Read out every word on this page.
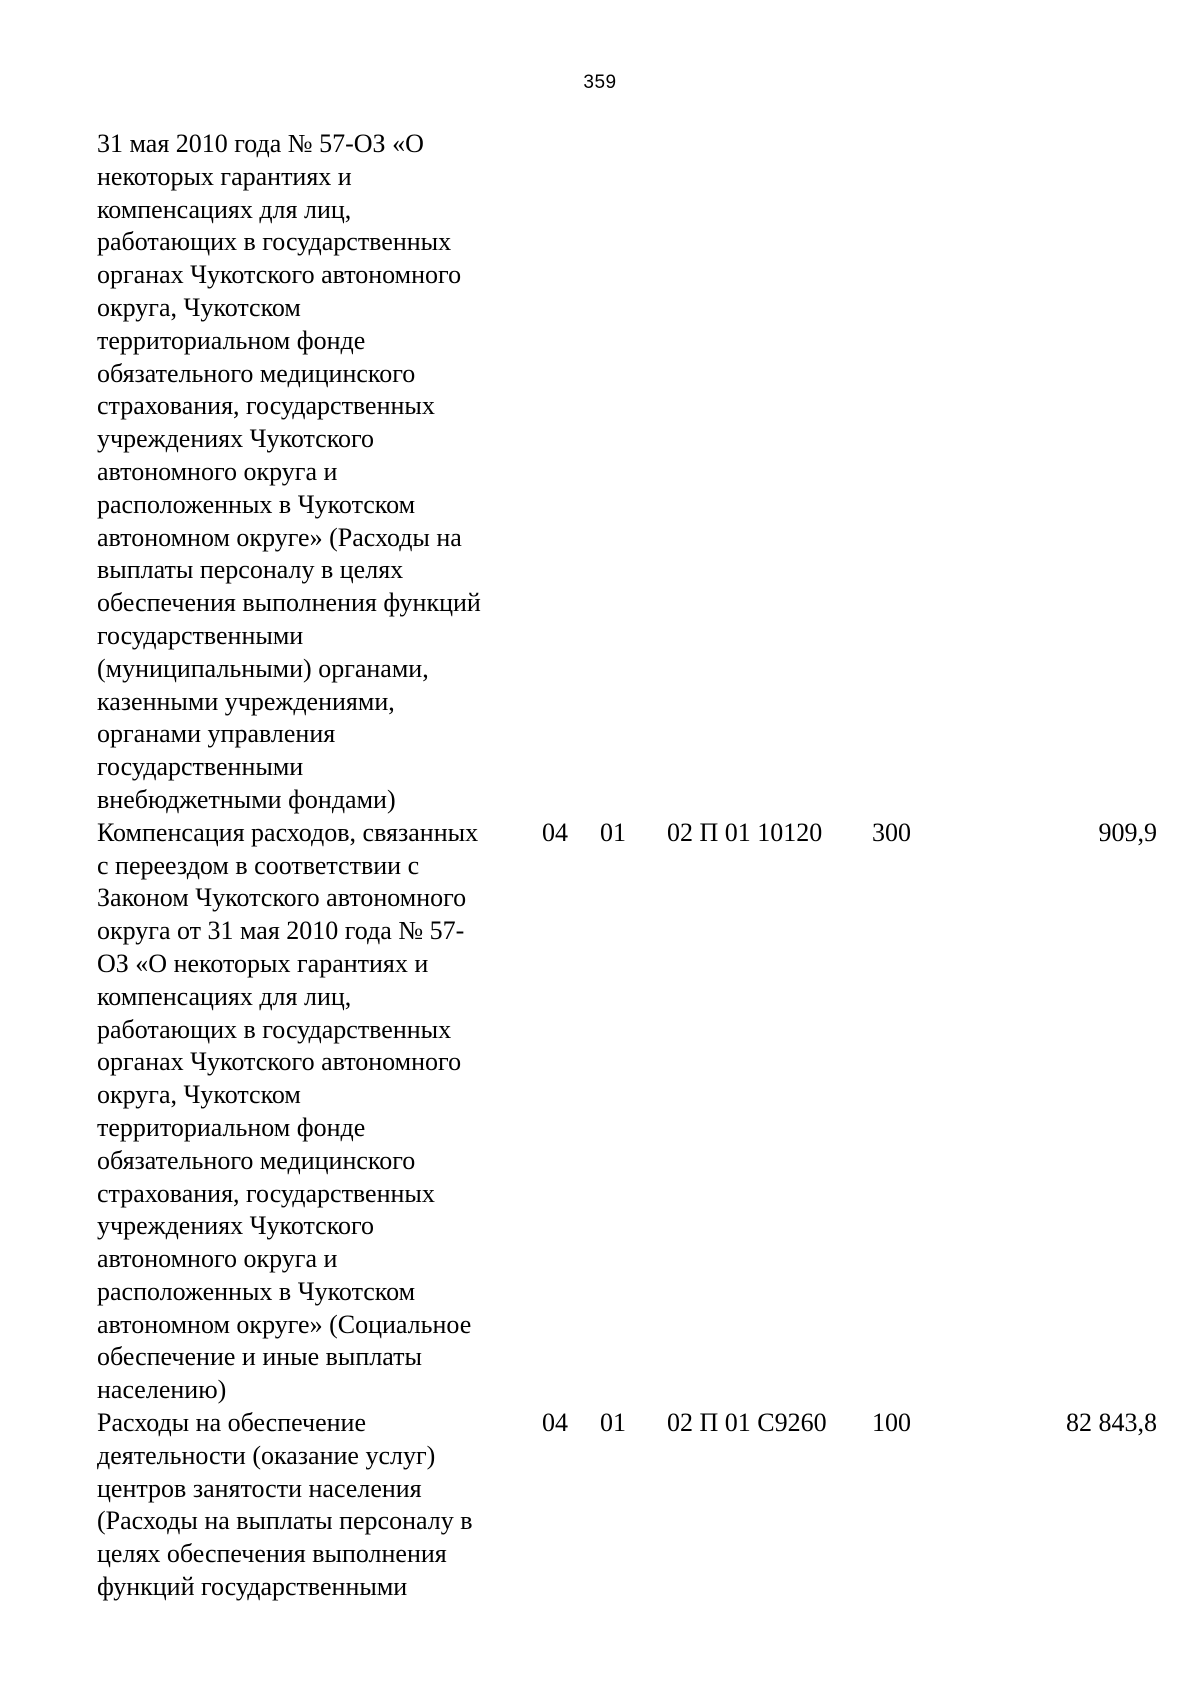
359
31 мая 2010 года № 57-ОЗ «О
некоторых гарантиях и
компенсациях для лиц,
работающих в государственных
органах Чукотского автономного
округа, Чукотском
территориальном фонде
обязательного медицинского
страхования, государственных
учреждениях Чукотского
автономного округа и
расположенных в Чукотском
автономном округе» (Расходы на
выплаты персоналу в целях
обеспечения выполнения функций
государственными
(муниципальными) органами,
казенными учреждениями,
органами управления
государственными
внебюджетными фондами)
Компенсация расходов, связанных
с переездом в соответствии с
Законом Чукотского автономного
округа от 31 мая 2010 года № 57-
ОЗ «О некоторых гарантиях и
компенсациях для лиц,
работающих в государственных
органах Чукотского автономного
округа, Чукотском
территориальном фонде
обязательного медицинского
страхования, государственных
учреждениях Чукотского
автономного округа и
расположенных в Чукотском
автономном округе» (Социальное
обеспечение и иные выплаты
населению)
04 01 02 П 01 10120 300	909,9
Расходы на обеспечение
деятельности (оказание услуг)
центров занятости населения
(Расходы на выплаты персоналу в
целях обеспечения выполнения
функций государственными
04 01 02 П 01 С9260 100	82 843,8
